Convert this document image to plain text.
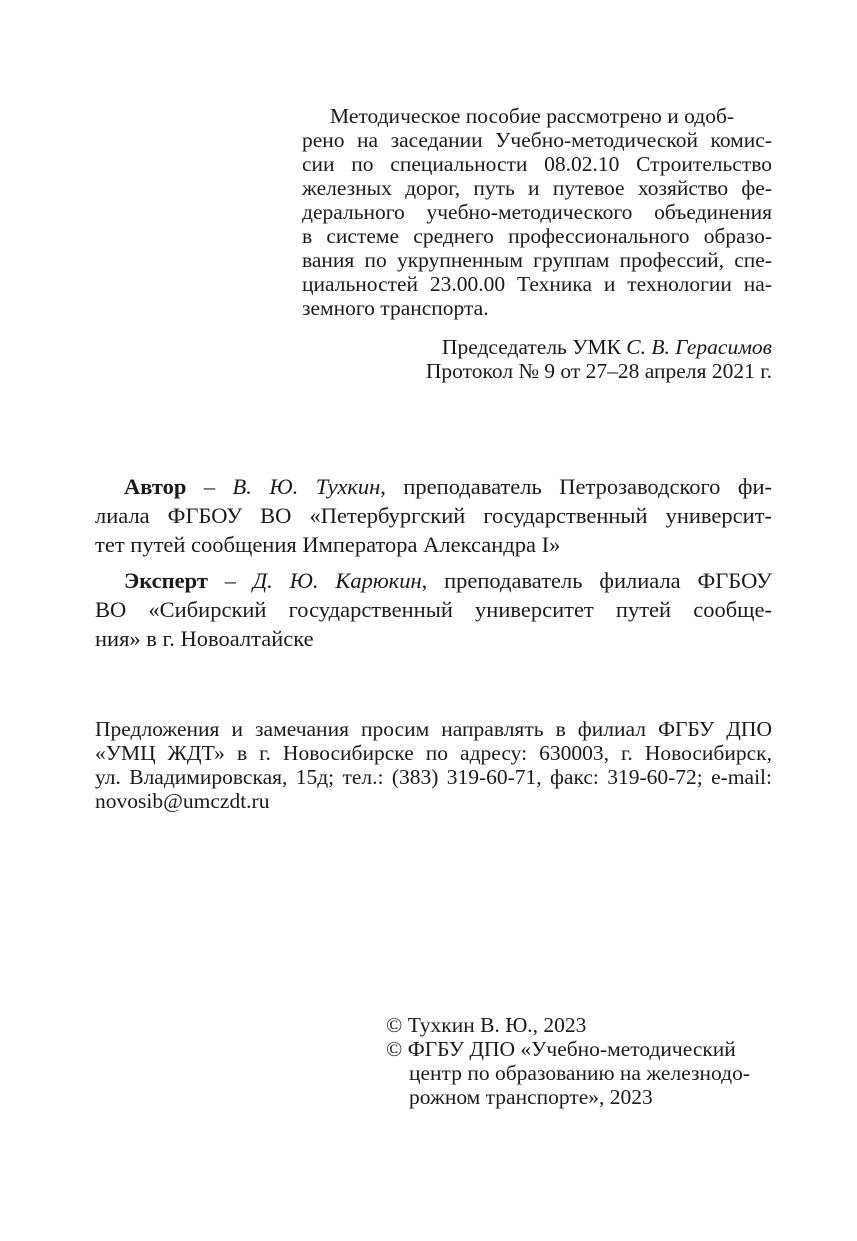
Методическое пособие рассмотрено и одоб-
рено на заседании Учебно-методической комис-
сии по специальности 08.02.10 Строительство
железных дорог, путь и путевое хозяйство фе-
дерального учебно-методического объединения
в системе среднего профессионального образо-
вания по укрупненным группам профессий, спе-
циальностей 23.00.00 Техника и технологии на-
земного транспорта.
Председатель УМК С. В. Герасимов
Протокол № 9 от 27–28 апреля 2021 г.
Автор – В. Ю. Тухкин, преподаватель Петрозаводского фи-
лиала ФГБОУ ВО «Петербургский государственный университ-
тет путей сообщения Императора Александра I»
Эксперт – Д. Ю. Карюкин, преподаватель филиала ФГБОУ
ВО «Сибирский государственный университет путей сообще-
ния» в г. Новоалтайске
Предложения и замечания просим направлять в филиал ФГБУ ДПО
«УМЦ ЖДТ» в г. Новосибирске по адресу: 630003, г. Новосибирск,
ул. Владимировская, 15д; тел.: (383) 319-60-71, факс: 319-60-72; e-mail:
novosib@umczdt.ru
© Тухкин В. Ю., 2023
© ФГБУ ДПО «Учебно-методический
центр по образованию на железнодо-
рожном транспорте», 2023
